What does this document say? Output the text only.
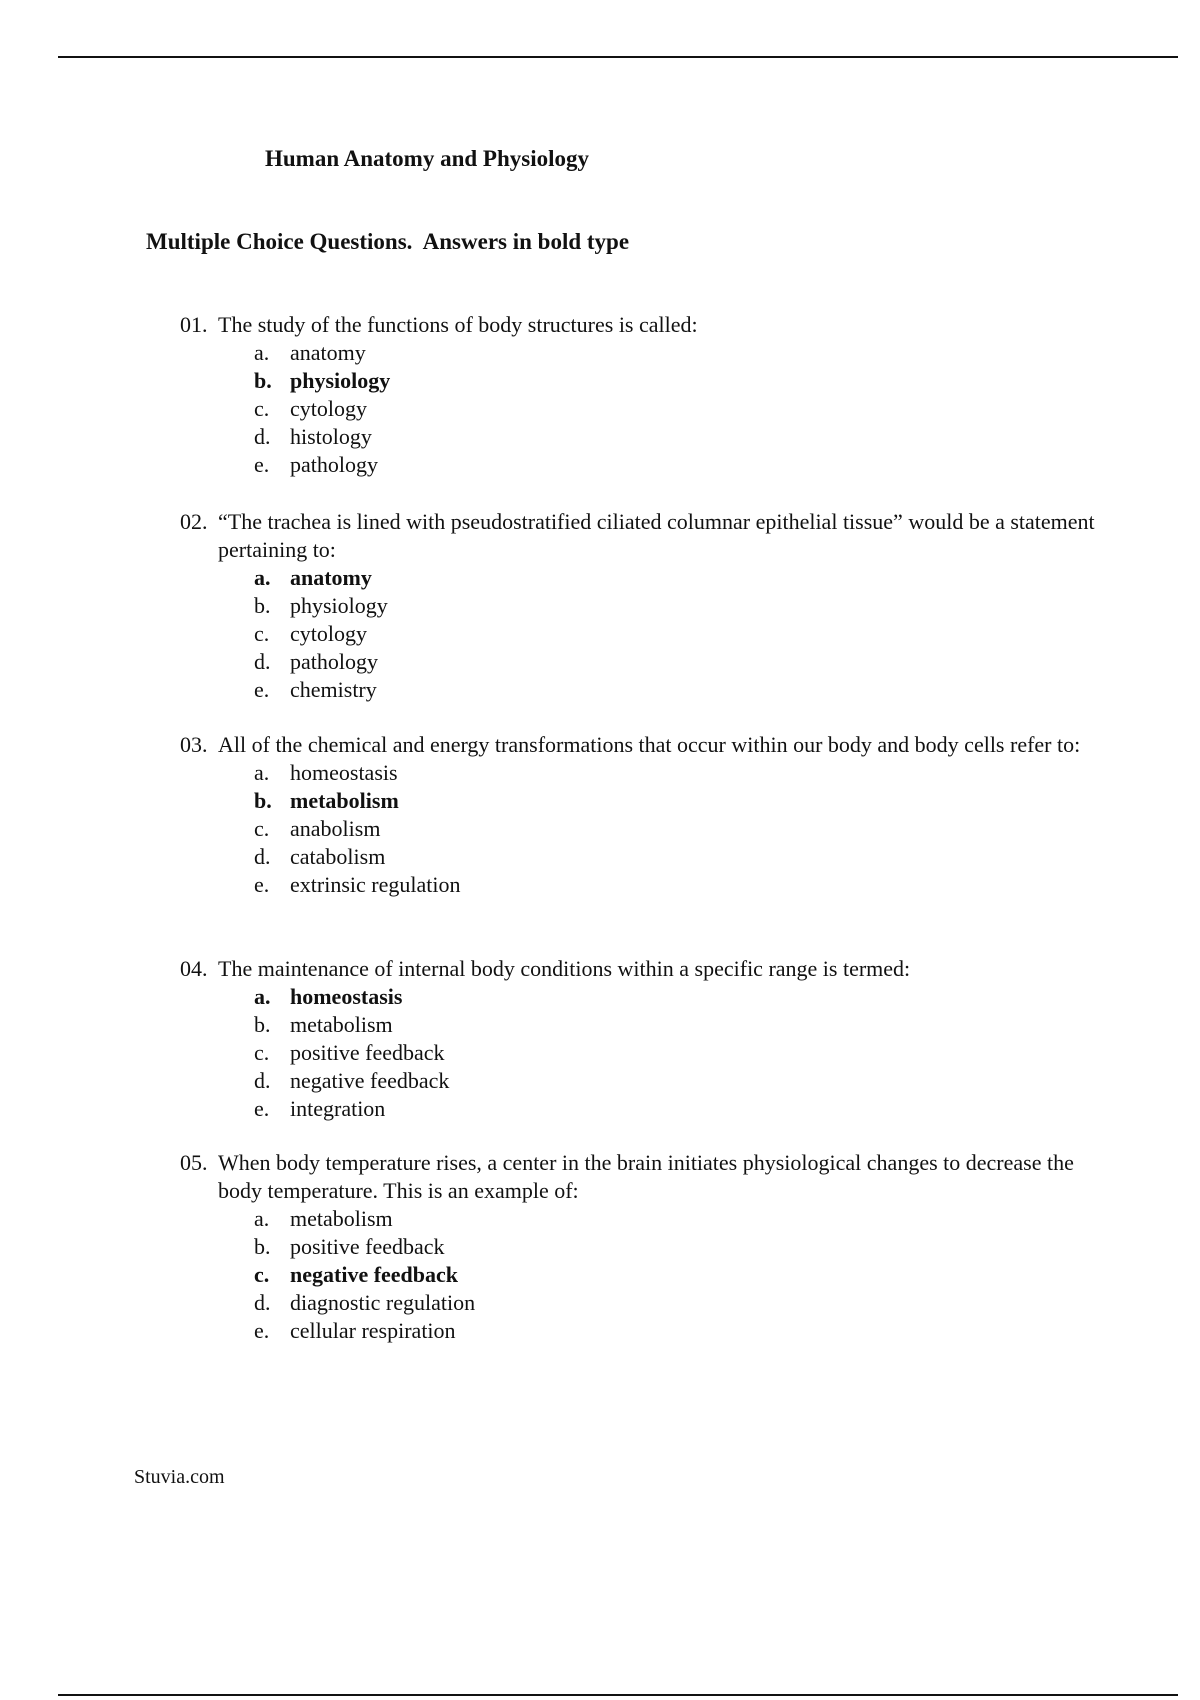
Human Anatomy and Physiology
Multiple Choice Questions.  Answers in bold type
01. The study of the functions of body structures is called:
a. anatomy
b. physiology
c. cytology
d. histology
e. pathology
02. “The trachea is lined with pseudostratified ciliated columnar epithelial tissue” would be a statement pertaining to:
a. anatomy
b. physiology
c. cytology
d. pathology
e. chemistry
03. All of the chemical and energy transformations that occur within our body and body cells refer to:
a. homeostasis
b. metabolism
c. anabolism
d. catabolism
e. extrinsic regulation
04. The maintenance of internal body conditions within a specific range is termed:
a. homeostasis
b. metabolism
c. positive feedback
d. negative feedback
e. integration
05. When body temperature rises, a center in the brain initiates physiological changes to decrease the body temperature. This is an example of:
a. metabolism
b. positive feedback
c. negative feedback
d. diagnostic regulation
e. cellular respiration
Stuvia.com
